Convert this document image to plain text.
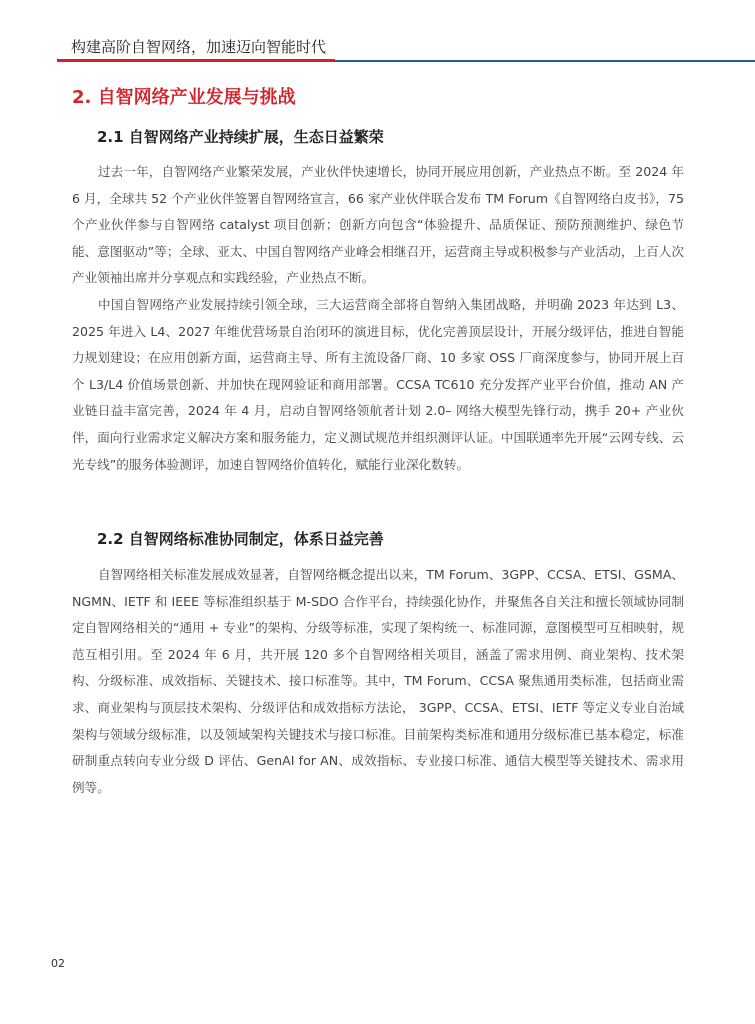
构建高阶自智网络，加速迈向智能时代
2. 自智网络产业发展与挑战
2.1 自智网络产业持续扩展，生态日益繁荣

过去一年，自智网络产业繁荣发展，产业伙伴快速增长，协同开展应用创新，产业热点不断。至 2024 年 6 月，全球共 52 个产业伙伴签署自智网络宣言，66 家产业伙伴联合发布 TM Forum《自智网络白皮书》，75 个产业伙伴参与自智网络 catalyst 项目创新；创新方向包含“体验提升、品质保证、预防预测维护、绿色节能、意图驱动”等；全球、亚太、中国自智网络产业峰会相继召开，运营商主导或积极参与产业活动，上百人次产业领袖出席并分享观点和实践经验，产业热点不断。

中国自智网络产业发展持续引领全球，三大运营商全部将自智纳入集团战略，并明确 2023 年达到 L3、2025 年进入 L4、2027 年维优营场景自治闭环的演进目标，优化完善顶层设计，开展分级评估，推进自智能力规划建设；在应用创新方面，运营商主导、所有主流设备厂商、10 多家 OSS 厂商深度参与，协同开展上百个 L3/L4 价值场景创新、并加快在现网验证和商用部署。CCSA TC610 充分发挥产业平台价值，推动 AN 产业链日益丰富完善，2024 年 4 月，启动自智网络领航者计划 2.0– 网络大模型先锋行动，携手 20+ 产业伙伴，面向行业需求定义解决方案和服务能力，定义测试规范并组织测评认证。中国联通率先开展“云网专线、云光专线”的服务体验测评，加速自智网络价值转化，赋能行业深化数转。

2.2 自智网络标准协同制定，体系日益完善

自智网络相关标准发展成效显著，自智网络概念提出以来，TM Forum、3GPP、CCSA、ETSI、GSMA、NGMN、IETF 和 IEEE 等标准组织基于 M-SDO 合作平台，持续强化协作，并聚焦各自关注和擅长领域协同制定自智网络相关的“通用 + 专业”的架构、分级等标准，实现了架构统一、标准同源，意图模型可互相映射，规范互相引用。至 2024 年 6 月，共开展 120 多个自智网络相关项目，涵盖了需求用例、商业架构、技术架构、分级标准、成效指标、关键技术、接口标准等。其中，TM Forum、CCSA 聚焦通用类标准，包括商业需求、商业架构与顶层技术架构、分级评估和成效指标方法论， 3GPP、CCSA、ETSI、IETF 等定义专业自治域架构与领域分级标准，以及领域架构关键技术与接口标准。目前架构类标准和通用分级标准已基本稳定，标准研制重点转向专业分级 D 评估、GenAI for AN、成效指标、专业接口标准、通信大模型等关键技术、需求用例等。

02
